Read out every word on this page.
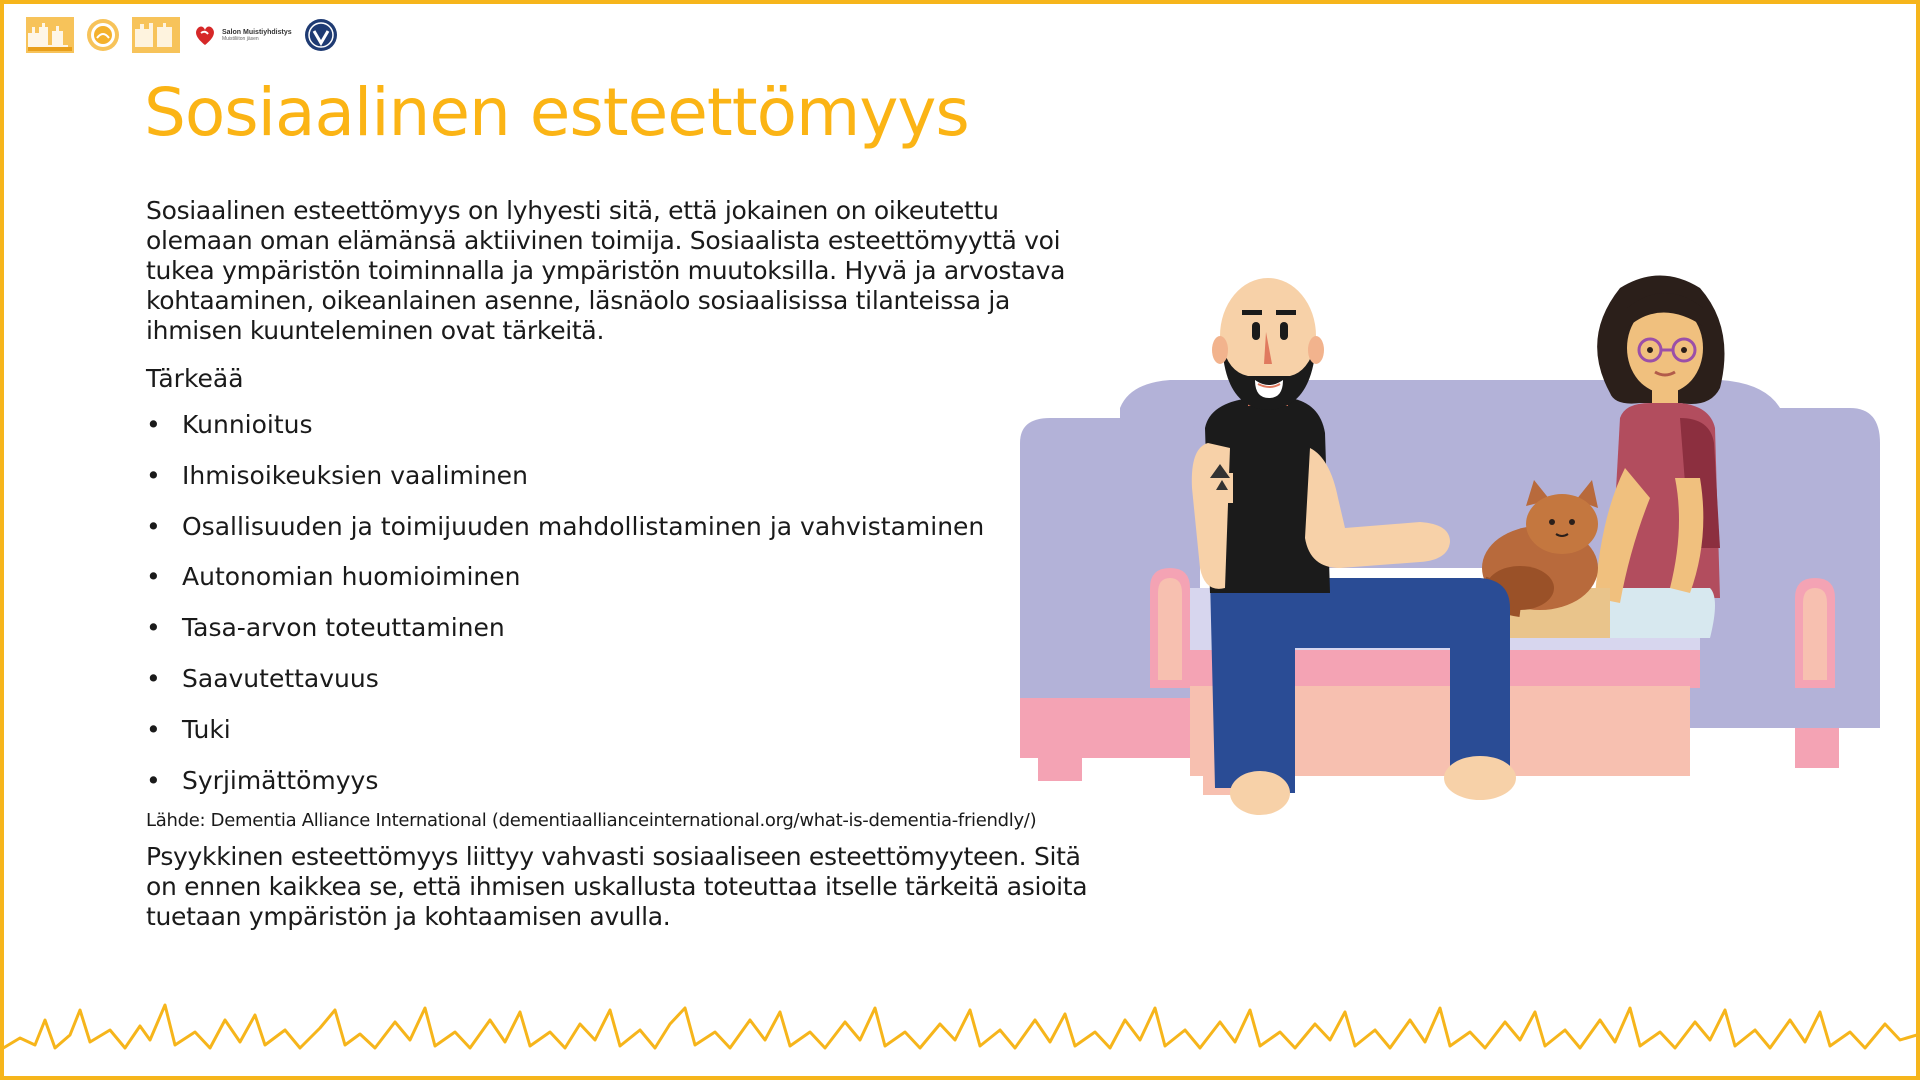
Salon Muistiyhdistys
Muistiliiton jäsen
Sosiaalinen esteettömyys

Sosiaalinen esteettömyys on lyhyesti sitä, että jokainen on oikeutettu olemaan oman elämänsä aktiivinen toimija. Sosiaalista esteettömyyttä voi tukea ympäristön toiminnalla ja ympäristön muutoksilla. Hyvä ja arvostava kohtaaminen, oikeanlainen asenne, läsnäolo sosiaalisissa tilanteissa ja ihmisen kuunteleminen ovat tärkeitä.

Tärkeää

• Kunnioitus
• Ihmisoikeuksien vaaliminen
• Osallisuuden ja toimijuuden mahdollistaminen ja vahvistaminen
• Autonomian huomioiminen
• Tasa-arvon toteuttaminen
• Saavutettavuus
• Tuki
• Syrjimättömyys

Lähde: Dementia Alliance International (dementiaallianceinternational.org/what-is-dementia-friendly/)

Psyykkinen esteettömyys liittyy vahvasti sosiaaliseen esteettömyyteen. Sitä on ennen kaikkea se, että ihmisen uskallusta toteuttaa itselle tärkeitä asioita tuetaan ympäristön ja kohtaamisen avulla.
